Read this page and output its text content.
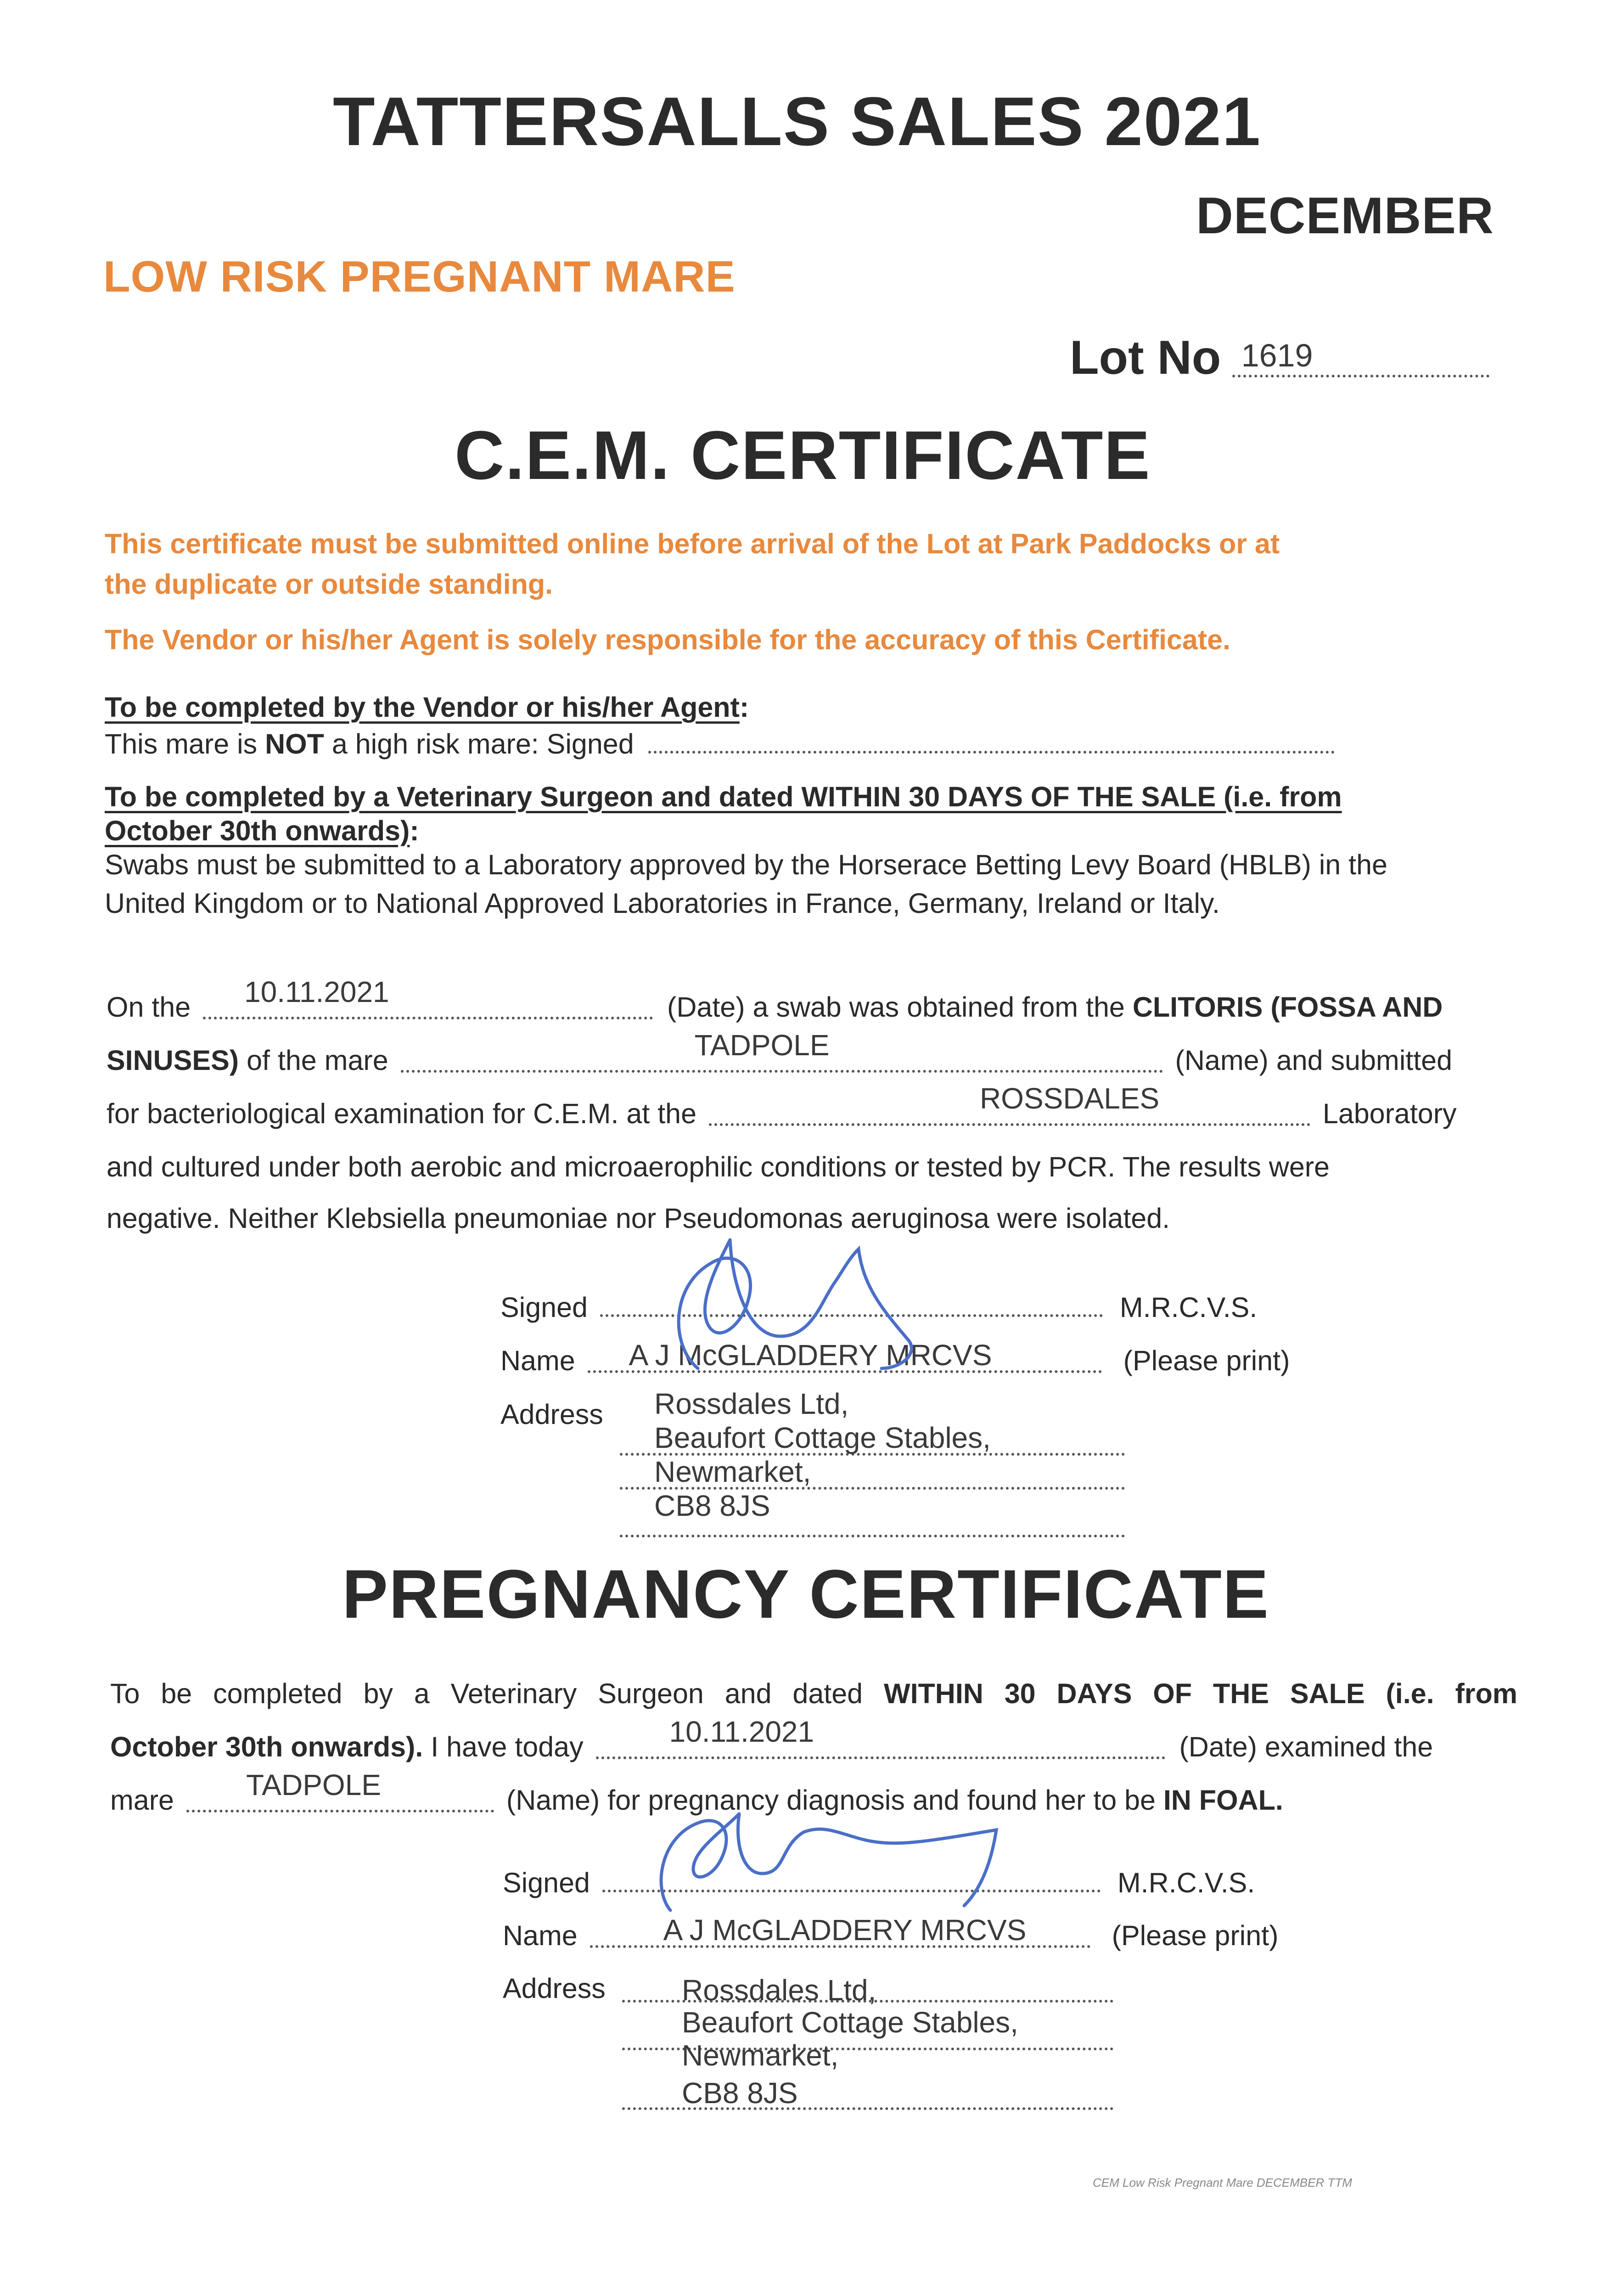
TATTERSALLS SALES 2021
DECEMBER
LOW RISK PREGNANT MARE
Lot No 1619
C.E.M. CERTIFICATE
This certificate must be submitted online before arrival of the Lot at Park Paddocks or at
the duplicate or outside standing.
The Vendor or his/her Agent is solely responsible for the accuracy of this Certificate.
To be completed by the Vendor or his/her Agent:
This mare is NOT a high risk mare: Signed
To be completed by a Veterinary Surgeon and dated WITHIN 30 DAYS OF THE SALE (i.e. from
October 30th onwards):
Swabs must be submitted to a Laboratory approved by the Horserace Betting Levy Board (HBLB) in the
United Kingdom or to National Approved Laboratories in France, Germany, Ireland or Italy.
On the 10.11.2021	(Date) a swab was obtained from the CLITORIS (FOSSA AND
SINUSES) of the mare	TADPOLE	(Name) and submitted
for bacteriological examination for C.E.M. at the	ROSSDALES	Laboratory
and cultured under both aerobic and microaerophilic conditions or tested by PCR. The results were
negative. Neither Klebsiella pneumoniae nor Pseudomonas aeruginosa were isolated.
Signed	M.R.C.V.S.
Name A J McGLADDERY MRCVS	(Please print)
Address Rossdales Ltd,
Beaufort Cottage Stables,
Newmarket,
CB8 8JS
PREGNANCY CERTIFICATE
To be completed by a Veterinary Surgeon and dated WITHIN 30 DAYS OF THE SALE (i.e. from
October 30th onwards). I have today	10.11.2021	(Date) examined the
mare TADPOLE	(Name) for pregnancy diagnosis and found her to be IN FOAL.
Signed	M.R.C.V.S.
Name	A J McGLADDERY MRCVS	(Please print)
Address	Rossdales Ltd,
Beaufort Cottage Stables,
Newmarket,
CB8 8JS
CEM Low Risk Pregnant Mare DECEMBER TTM
